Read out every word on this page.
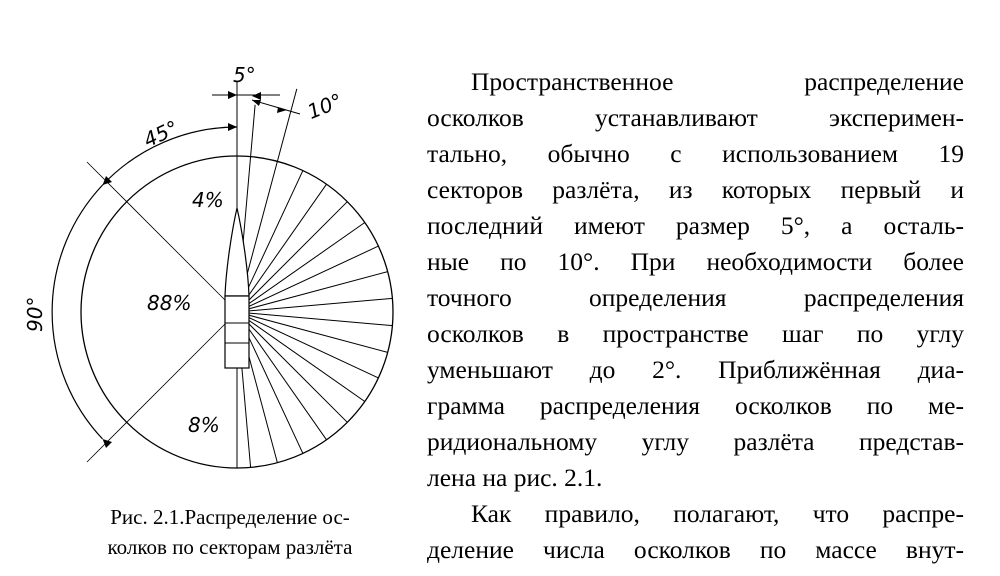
5°
10°
45°
90°
4%
88%
8%
Рис. 2.1.Распределение ос-
колков по секторам разлёта
Пространственное распределение
осколков устанавливают эксперимен-
тально, обычно с использованием 19
секторов разлёта, из которых первый и
последний имеют размер 5°, а осталь-
ные по 10°. При необходимости более
точного определения распределения
осколков в пространстве шаг по углу
уменьшают до 2°. Приближённая диа-
грамма распределения осколков по ме-
ридиональному углу разлёта представ-
лена на рис. 2.1.
Как правило, полагают, что распре-
деление числа осколков по массе внут-
